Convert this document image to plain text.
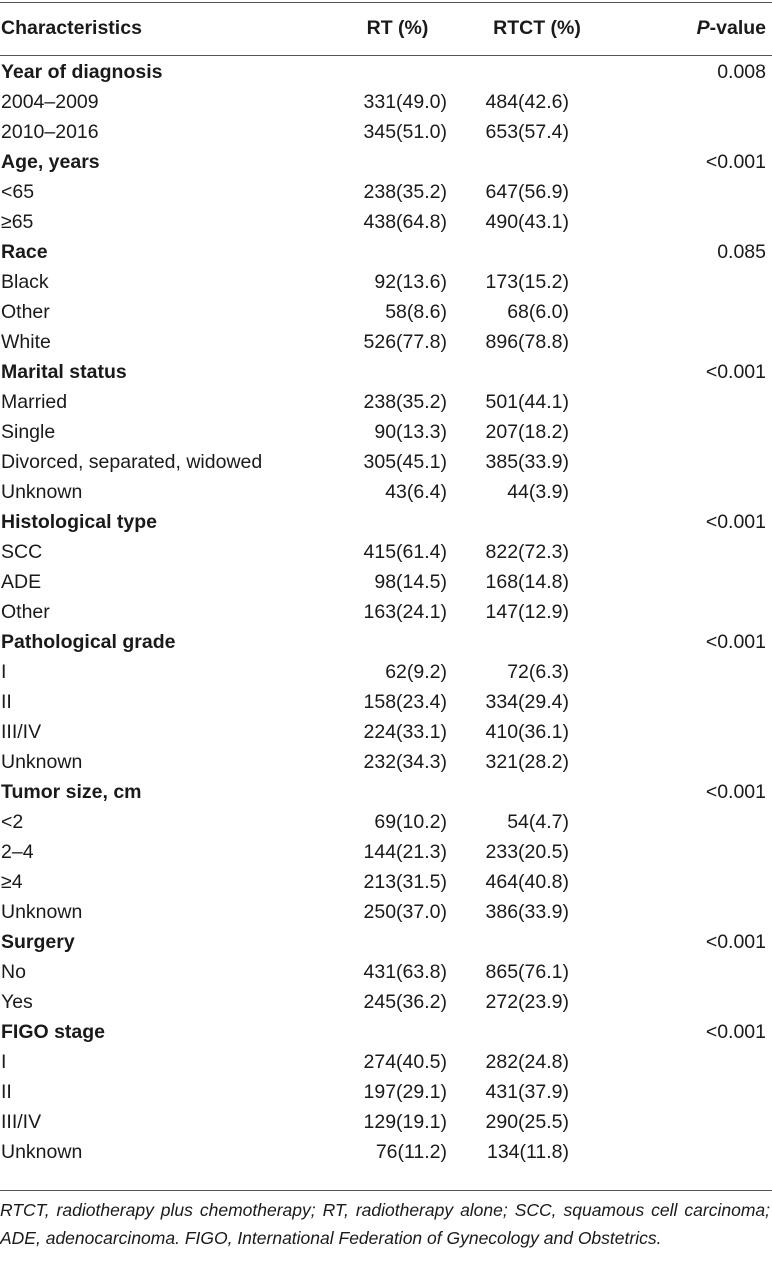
Characteristics	RT (%)	RTCT (%)	P-value
Year of diagnosis			0.008
2004–2009	331(49.0)	484(42.6)	
2010–2016	345(51.0)	653(57.4)	
Age, years			<0.001
<65	238(35.2)	647(56.9)	
≥65	438(64.8)	490(43.1)	
Race			0.085
Black	92(13.6)	173(15.2)	
Other	58(8.6)	68(6.0)	
White	526(77.8)	896(78.8)	
Marital status			<0.001
Married	238(35.2)	501(44.1)	
Single	90(13.3)	207(18.2)	
Divorced, separated, widowed	305(45.1)	385(33.9)	
Unknown	43(6.4)	44(3.9)	
Histological type			<0.001
SCC	415(61.4)	822(72.3)	
ADE	98(14.5)	168(14.8)	
Other	163(24.1)	147(12.9)	
Pathological grade			<0.001
I	62(9.2)	72(6.3)	
II	158(23.4)	334(29.4)	
III/IV	224(33.1)	410(36.1)	
Unknown	232(34.3)	321(28.2)	
Tumor size, cm			<0.001
<2	69(10.2)	54(4.7)	
2–4	144(21.3)	233(20.5)	
≥4	213(31.5)	464(40.8)	
Unknown	250(37.0)	386(33.9)	
Surgery			<0.001
No	431(63.8)	865(76.1)	
Yes	245(36.2)	272(23.9)	
FIGO stage			<0.001
I	274(40.5)	282(24.8)	
II	197(29.1)	431(37.9)	
III/IV	129(19.1)	290(25.5)	
Unknown	76(11.2)	134(11.8)	
RTCT, radiotherapy plus chemotherapy; RT, radiotherapy alone; SCC, squamous cell carcinoma; ADE, adenocarcinoma. FIGO, International Federation of Gynecology and Obstetrics.
